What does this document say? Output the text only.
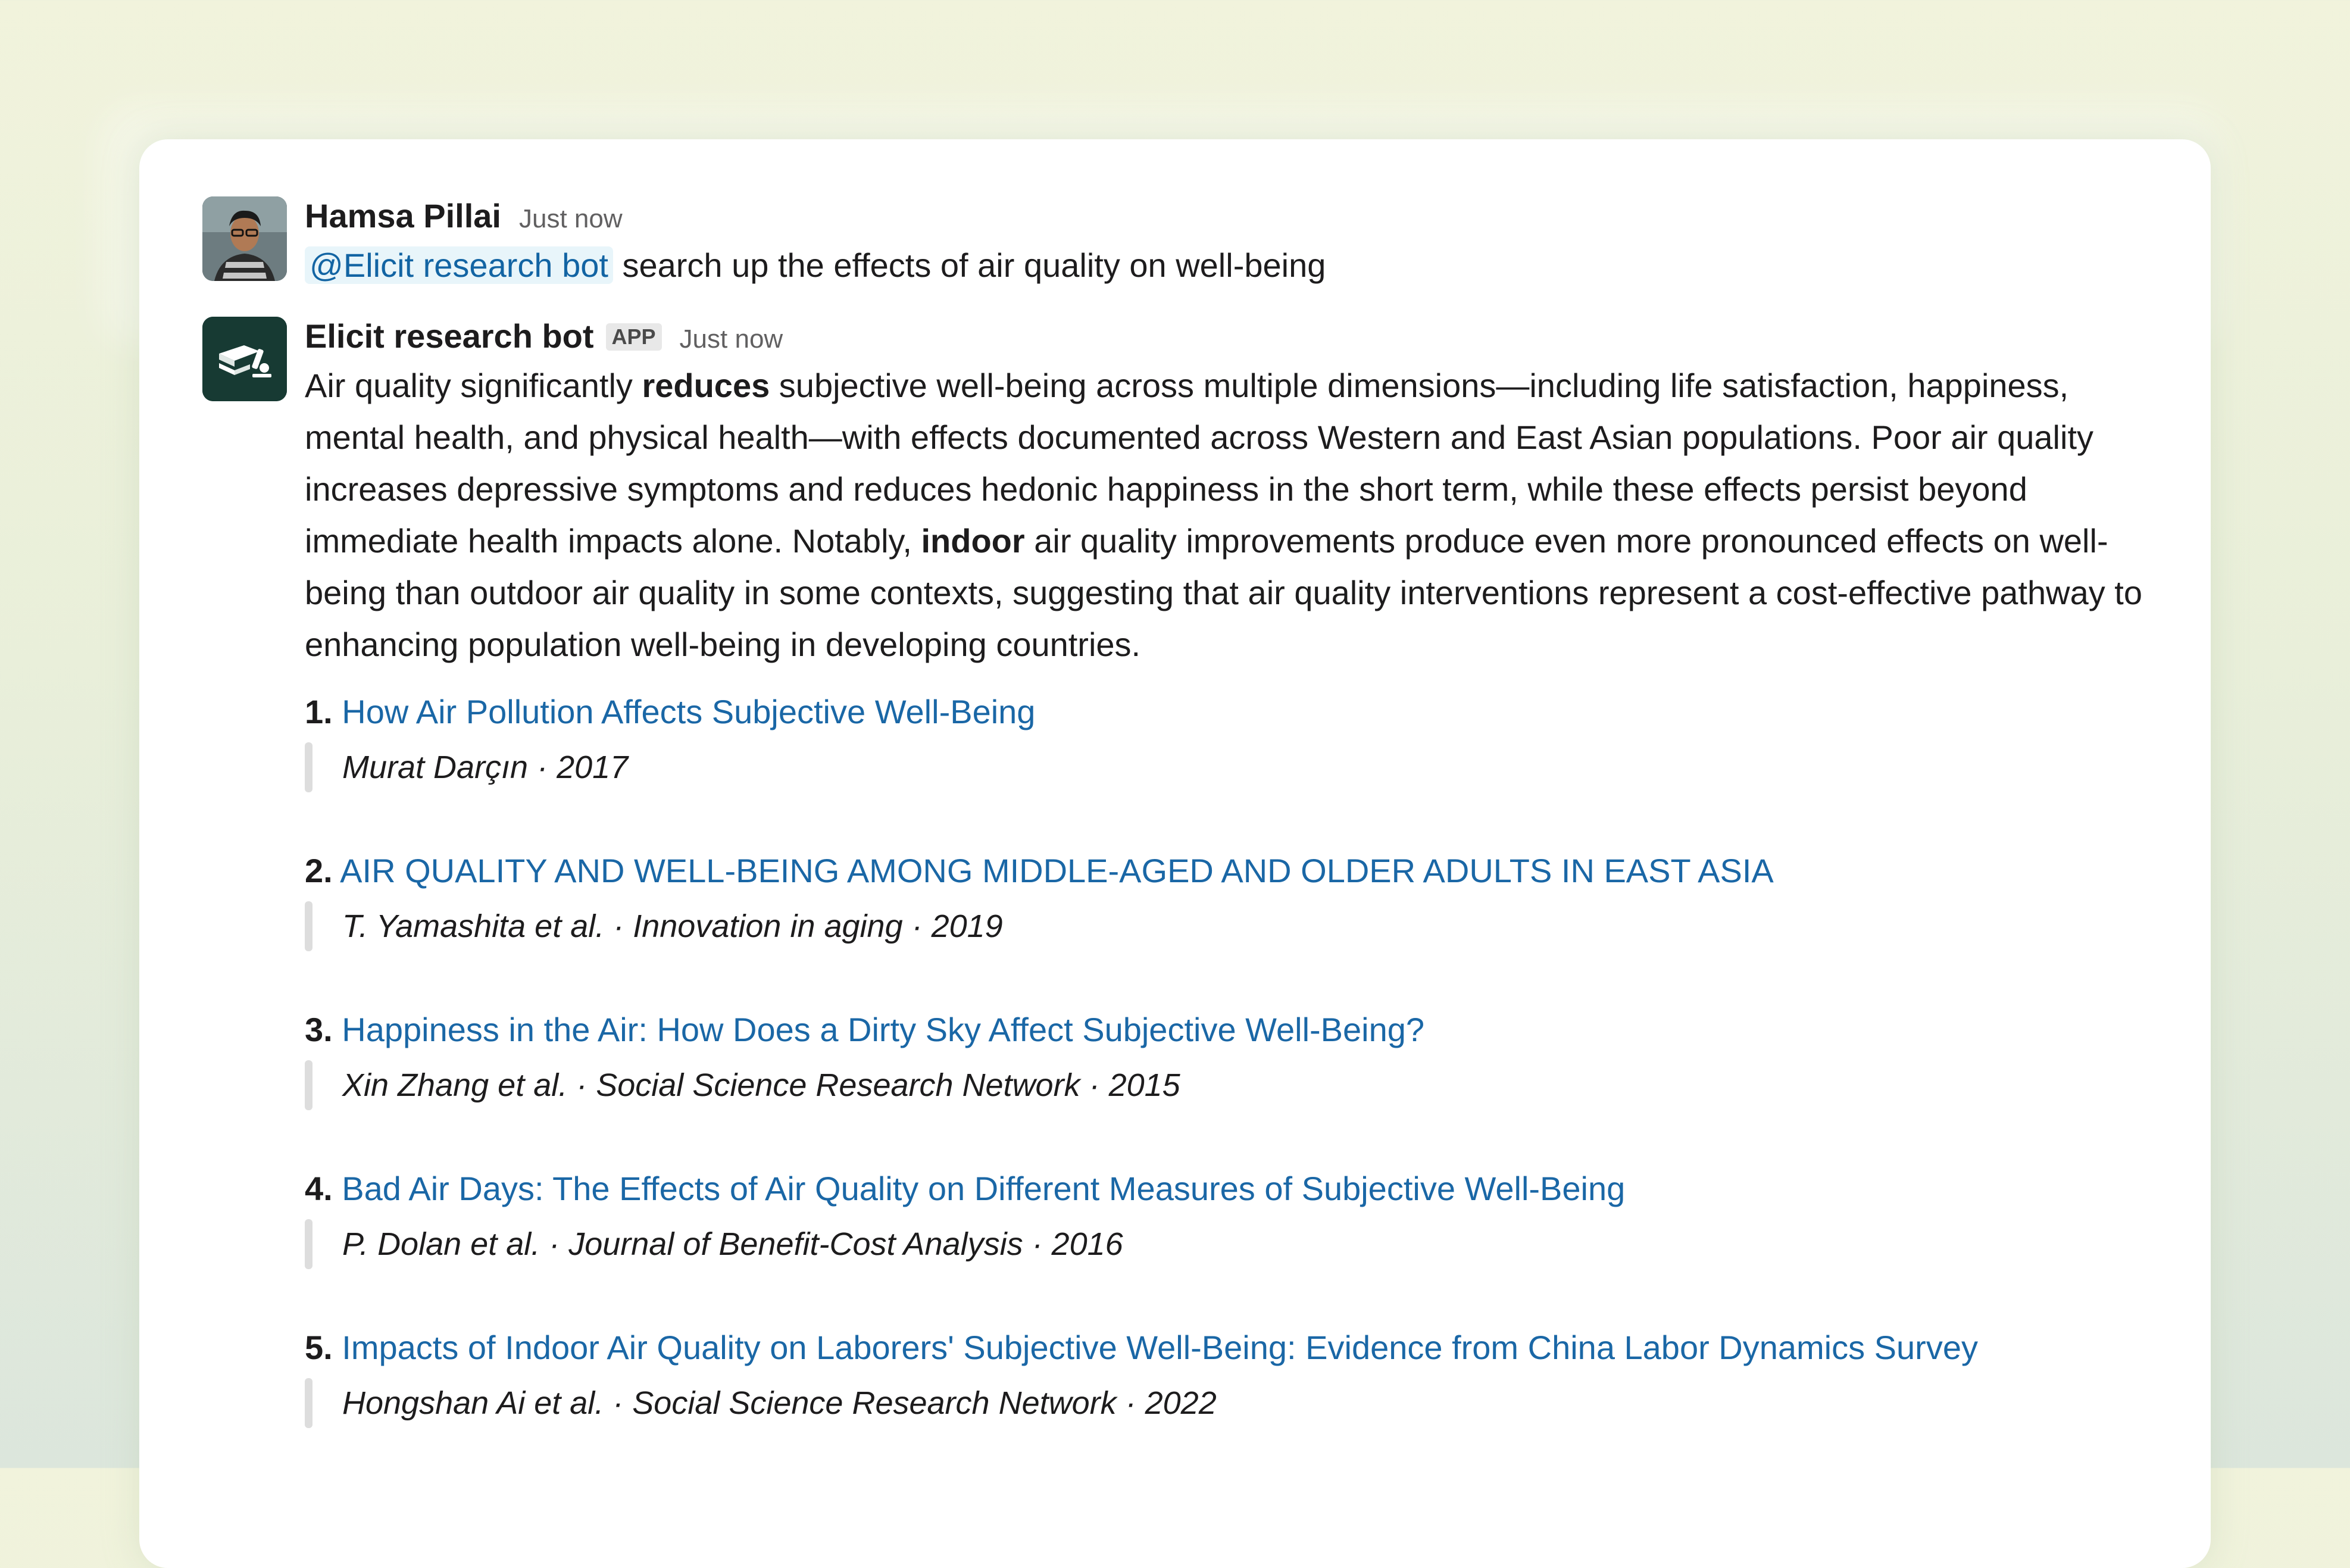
Hamsa Pillai Just now
@Elicit research bot search up the effects of air quality on well-being
Elicit research bot APP Just now
Air quality significantly reduces subjective well-being across multiple dimensions—including life satisfaction, happiness, mental health, and physical health—with effects documented across Western and East Asian populations. Poor air quality increases depressive symptoms and reduces hedonic happiness in the short term, while these effects persist beyond immediate health impacts alone. Notably, indoor air quality improvements produce even more pronounced effects on well-being than outdoor air quality in some contexts, suggesting that air quality interventions represent a cost-effective pathway to enhancing population well-being in developing countries.
1. How Air Pollution Affects Subjective Well-Being
Murat Darçın · 2017
2. AIR QUALITY AND WELL-BEING AMONG MIDDLE-AGED AND OLDER ADULTS IN EAST ASIA
T. Yamashita et al. · Innovation in aging · 2019
3. Happiness in the Air: How Does a Dirty Sky Affect Subjective Well-Being?
Xin Zhang et al. · Social Science Research Network · 2015
4. Bad Air Days: The Effects of Air Quality on Different Measures of Subjective Well-Being
P. Dolan et al. · Journal of Benefit-Cost Analysis · 2016
5. Impacts of Indoor Air Quality on Laborers' Subjective Well-Being: Evidence from China Labor Dynamics Survey
Hongshan Ai et al. · Social Science Research Network · 2022
